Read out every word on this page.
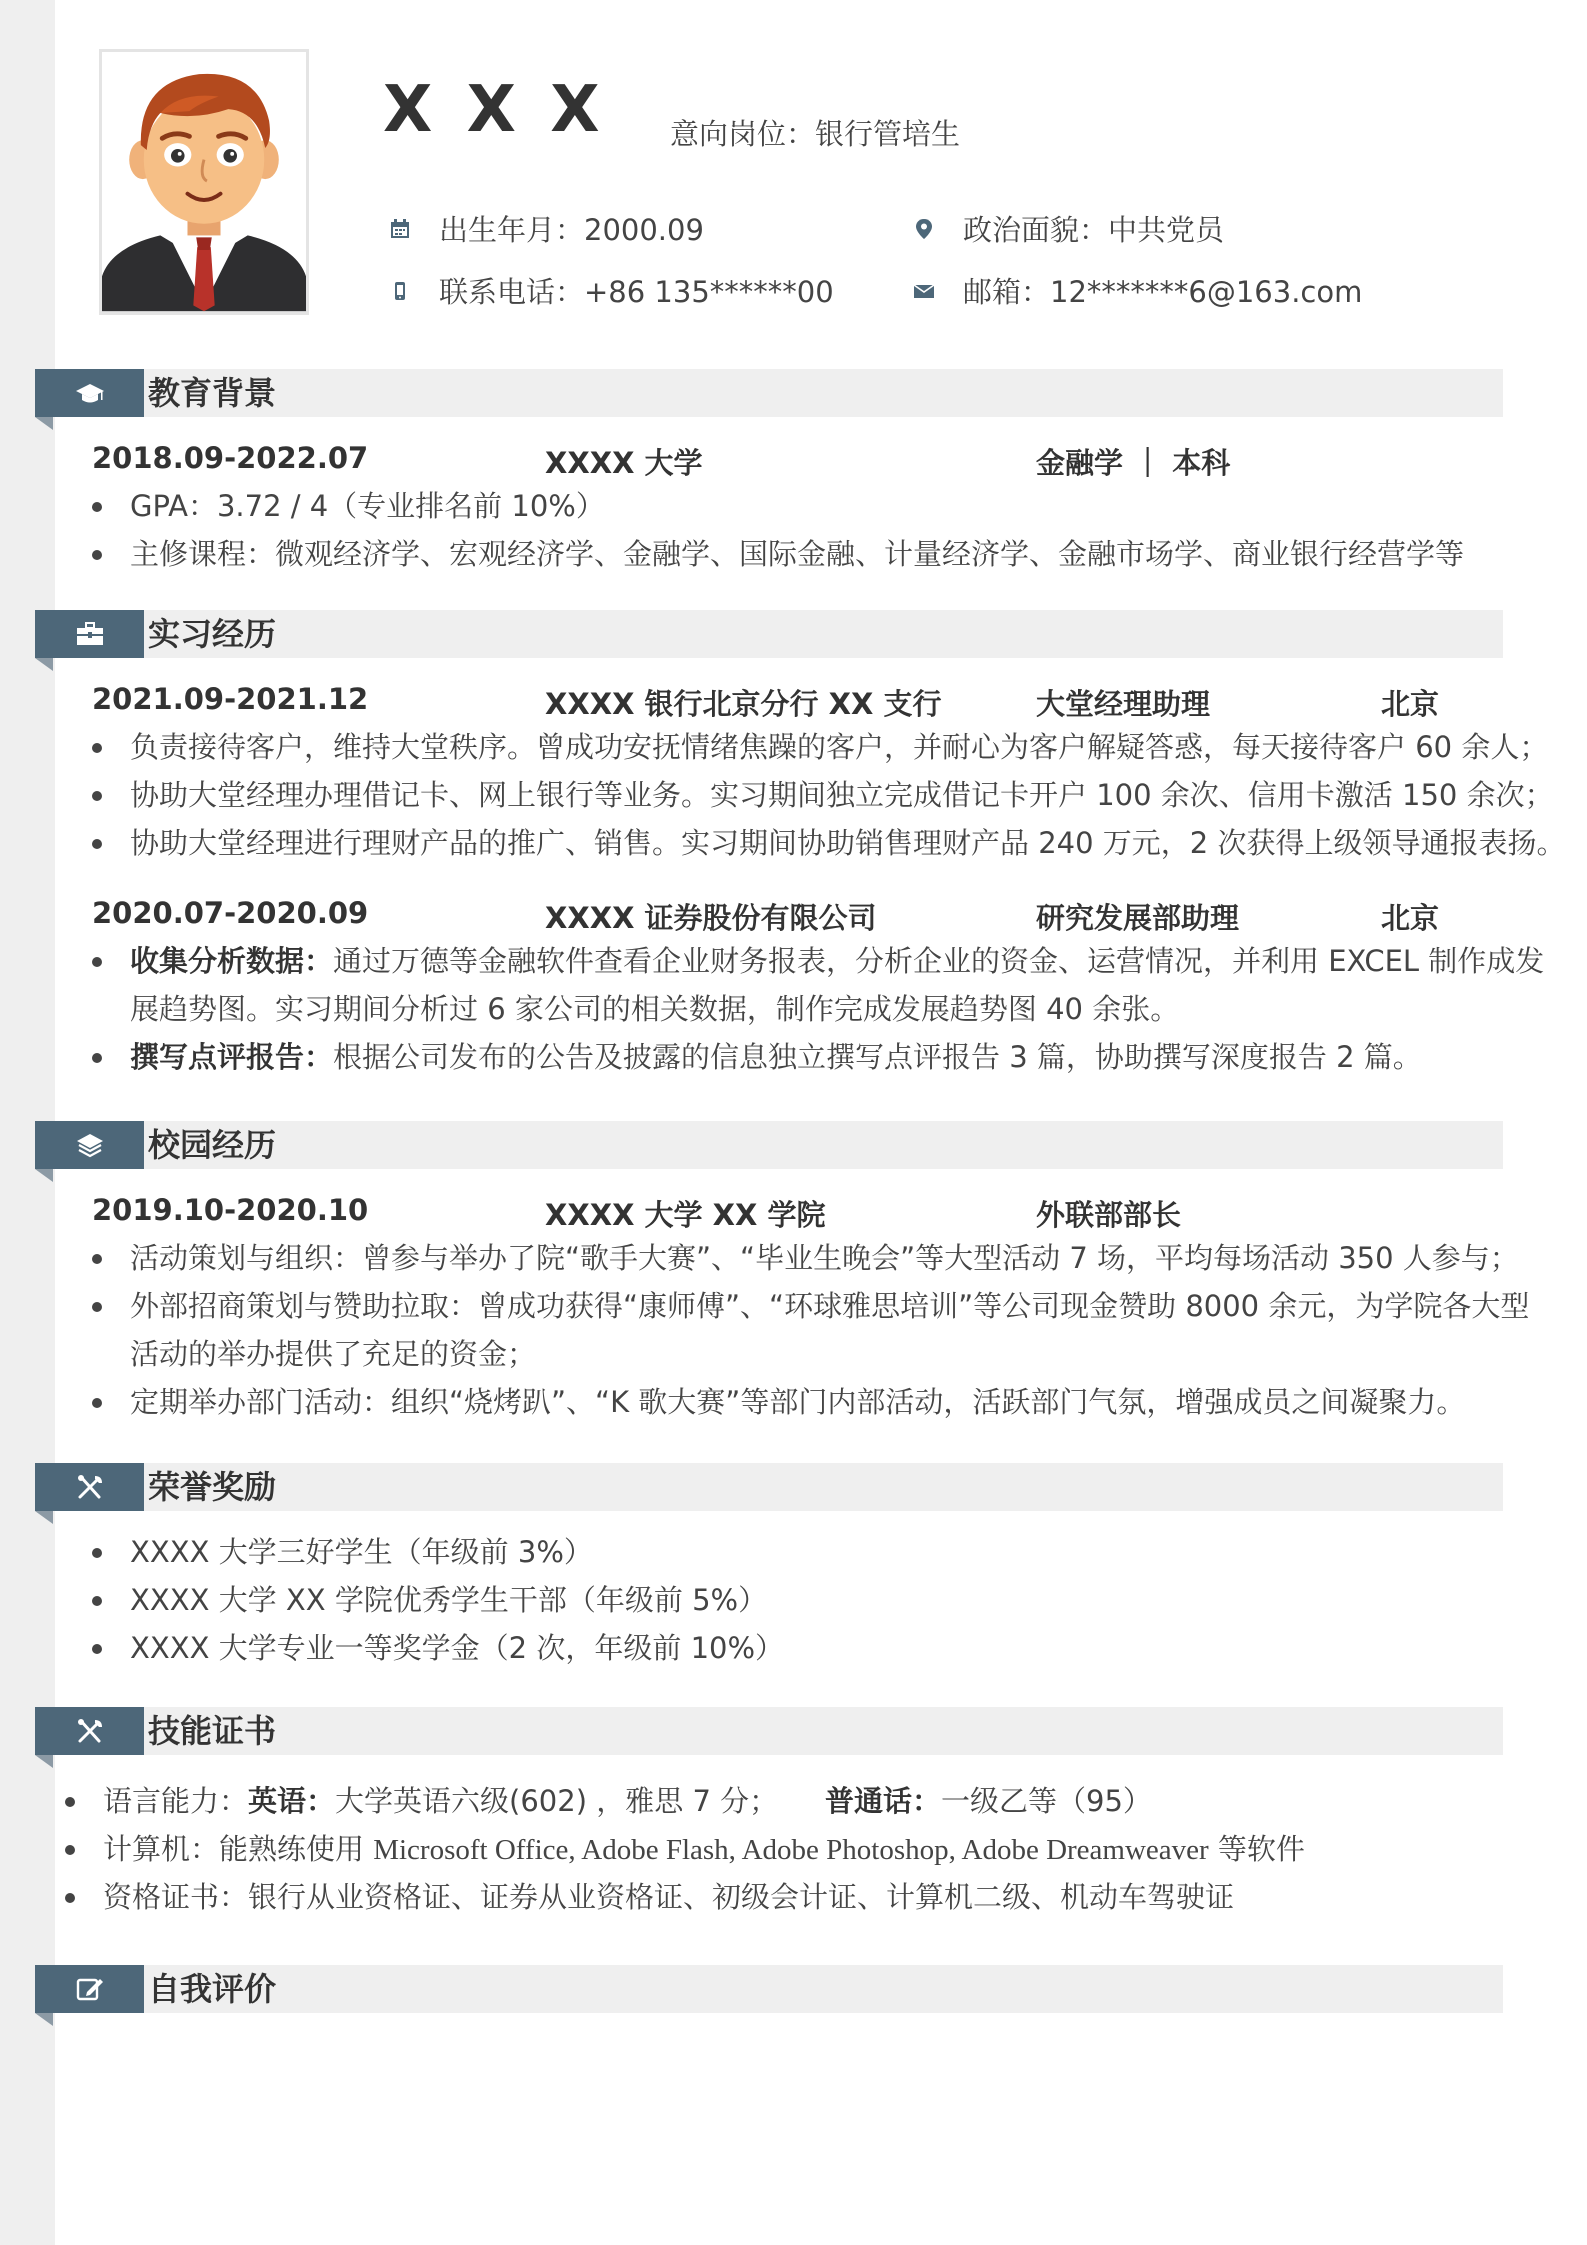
X X X 意向岗位：银行管培生
出生年月：2000.09	政治面貌：中共党员
联系电话：+86 135******00	邮箱：12*******6@163.com
教育背景
2018.09-2022.07	XXXX 大学	金融学 ｜ 本科
GPA：3.72 / 4（专业排名前 10%）
主修课程：微观经济学、宏观经济学、金融学、国际金融、计量经济学、金融市场学、商业银行经营学等
实习经历
2021.09-2021.12	XXXX 银行北京分行 XX 支行	大堂经理助理	北京
负责接待客户，维持大堂秩序。曾成功安抚情绪焦躁的客户，并耐心为客户解疑答惑，每天接待客户 60 余人；
协助大堂经理办理借记卡、网上银行等业务。实习期间独立完成借记卡开户 100 余次、信用卡激活 150 余次；
协助大堂经理进行理财产品的推广、销售。实习期间协助销售理财产品 240 万元，2 次获得上级领导通报表扬。
2020.07-2020.09	XXXX 证券股份有限公司	研究发展部助理	北京
收集分析数据：通过万德等金融软件查看企业财务报表，分析企业的资金、运营情况，并利用 EXCEL 制作成发
展趋势图。实习期间分析过 6 家公司的相关数据，制作完成发展趋势图 40 余张。
撰写点评报告：根据公司发布的公告及披露的信息独立撰写点评报告 3 篇，协助撰写深度报告 2 篇。
校园经历
2019.10-2020.10	XXXX 大学 XX 学院	外联部部长
活动策划与组织：曾参与举办了院“歌手大赛”、“毕业生晚会”等大型活动 7 场，平均每场活动 350 人参与；
外部招商策划与赞助拉取：曾成功获得“康师傅”、“环球雅思培训”等公司现金赞助 8000 余元，为学院各大型
活动的举办提供了充足的资金；
定期举办部门活动：组织“烧烤趴”、“K 歌大赛”等部门内部活动，活跃部门气氛，增强成员之间凝聚力。
荣誉奖励
XXXX 大学三好学生（年级前 3%）
XXXX 大学 XX 学院优秀学生干部（年级前 5%）
XXXX 大学专业一等奖学金（2 次，年级前 10%）
技能证书
语言能力：英语：大学英语六级(602) ，雅思 7 分；	普通话：一级乙等（95）
计算机：能熟练使用 Microsoft Office, Adobe Flash, Adobe Photoshop, Adobe Dreamweaver 等软件
资格证书：银行从业资格证、证券从业资格证、初级会计证、计算机二级、机动车驾驶证
自我评价
